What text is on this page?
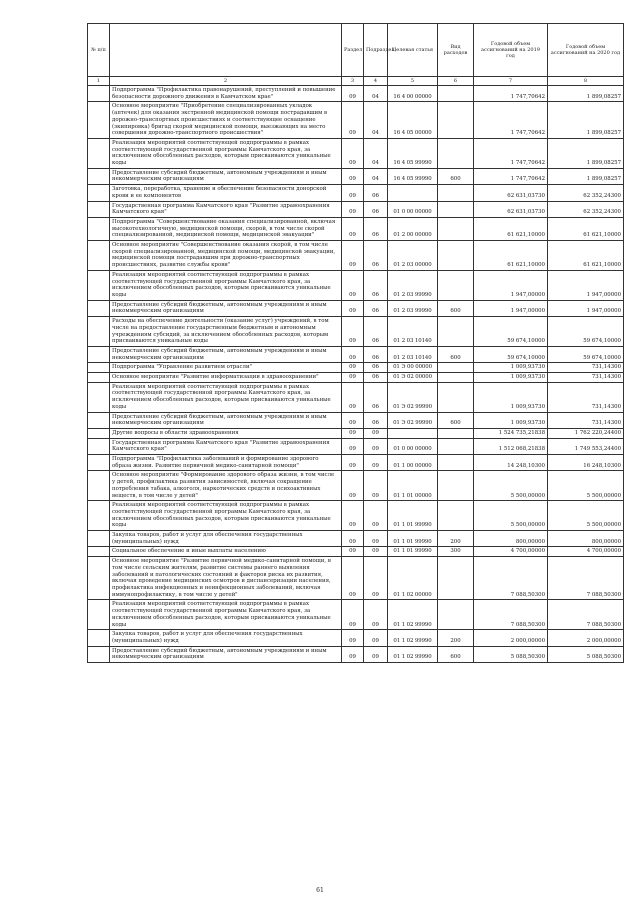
№ п/п		Раздел	Подраздел	Целевая статья	Вид расходов	Годовой объем ассигнований на 2019 год	Годовой объем ассигнований на 2020 год
1	2	3	4	5	6	7	8
	Подпрограмма "Профилактика правонарушений, преступлений и повышение безопасности дорожного движения в Камчатском крае"	09	04	16 4 00 00000		1 747,70642	1 899,08257
	Основное мероприятие "Приобретение специализированных укладок (аптечек) для оказания экстренной медицинской помощи пострадавшим в дорожно-транспортных происшествиях и соответствующее оснащение (экипировка) бригад скорой медицинской помощи, выезжающих на место совершения дорожно-транспортного происшествия"	09	04	16 4 05 00000		1 747,70642	1 899,08257
	Реализация мероприятий соответствующей подпрограммы в рамках соответствующей государственной программы Камчатского края, за исключением обособленных расходов, которым присваиваются уникальные коды	09	04	16 4 05 99990		1 747,70642	1 899,08257
	Предоставление субсидий бюджетным, автономным учреждениям и иным некоммерческим организациям	09	04	16 4 05 99990	600	1 747,70642	1 899,08257
	Заготовка, переработка, хранение и обеспечение безопасности донорской крови и ее компонентов	09	06			62 631,03730	62 352,24300
	Государственная программа Камчатского края "Развитие здравоохранения Камчатского края"	09	06	01 0 00 00000		62 631,03730	62 352,24300
	Подпрограмма "Совершенствование оказания специализированной, включая высокотехнологичную, медицинской помощи, скорой, в том числе скорой специализированной, медицинской помощи, медицинской эвакуации"	09	06	01 2 00 00000		61 621,10000	61 621,10000
	Основное мероприятие "Совершенствование оказания скорой, в том числе скорой специализированной, медицинской помощи, медицинской эвакуации, медицинской помощи пострадавшим при дорожно-транспортных происшествиях, развитие службы крови"	09	06	01 2 03 00000		61 621,10000	61 621,10000
	Реализация мероприятий соответствующей подпрограммы в рамках соответствующей государственной программы Камчатского края, за исключением обособленных расходов, которым присваиваются уникальные коды	09	06	01 2 03 99990		1 947,00000	1 947,00000
	Предоставление субсидий бюджетным, автономным учреждениям и иным некоммерческим организациям	09	06	01 2 03 99990	600	1 947,00000	1 947,00000
	Расходы на обеспечение деятельности (оказание услуг) учреждений, в том числе на предоставление государственным бюджетным и автономным учреждениям субсидий, за исключением обособленных расходов, которым присваиваются уникальные коды	09	06	01 2 03 10140		59 674,10000	59 674,10000
	Предоставление субсидий бюджетным, автономным учреждениям и иным некоммерческим организациям	09	06	01 2 03 10140	600	59 674,10000	59 674,10000
	Подпрограмма "Управление развитием отрасли"	09	06	01 Э 00 00000		1 009,93730	731,14300
	Основное мероприятие "Развитие информатизации в здравоохранении"	09	06	01 Э 02 00000		1 009,93730	731,14300
	Реализация мероприятий соответствующей подпрограммы в рамках соответствующей государственной программы Камчатского края, за исключением обособленных расходов, которым присваиваются уникальные коды	09	06	01 Э 02 99990		1 009,93730	731,14300
	Предоставление субсидий бюджетным, автономным учреждениям и иным некоммерческим организациям	09	06	01 Э 02 99990	600	1 009,93730	731,14300
	Другие вопросы в области здравоохранения	09	09			1 524 735,21838	1 762 220,24400
	Государственная программа Камчатского края "Развитие здравоохранения Камчатского края"	09	09	01 0 00 00000		1 512 068,21838	1 749 553,24400
	Подпрограмма "Профилактика заболеваний и формирование здорового образа жизни. Развитие первичной медико-санитарной помощи"	09	09	01 1 00 00000		14 248,10300	16 248,10300
	Основное мероприятие "Формирование здорового образа жизни, в том числе у детей, профилактика развития зависимостей, включая сокращение потребления табака, алкоголя, наркотических средств и психоактивных веществ, в том числе у детей"	09	09	01 1 01 00000		5 500,00000	5 500,00000
	Реализация мероприятий соответствующей подпрограммы в рамках соответствующей государственной программы Камчатского края, за исключением обособленных расходов, которым присваиваются уникальные коды	09	09	01 1 01 99990		5 500,00000	5 500,00000
	Закупка товаров, работ и услуг для обеспечения государственных (муниципальных) нужд	09	09	01 1 01 99990	200	800,00000	800,00000
	Социальное обеспечение и иные выплаты населению	09	09	01 1 01 99990	300	4 700,00000	4 700,00000
	Основное мероприятие "Развитие первичной медико-санитарной помощи, в том числе сельским жителям, развитие системы раннего выявления заболеваний и патологических состояний и факторов риска их развития, включая проведение медицинских осмотров и диспансеризации населения, профилактика инфекционных и неинфекционных заболеваний, включая иммунопрофилактику, в том числе у детей"	09	09	01 1 02 00000		7 088,50300	7 088,50300
	Реализация мероприятий соответствующей подпрограммы в рамках соответствующей государственной программы Камчатского края, за исключением обособленных расходов, которым присваиваются уникальные коды	09	09	01 1 02 99990		7 088,50300	7 088,50300
	Закупка товаров, работ и услуг для обеспечения государственных (муниципальных) нужд	09	09	01 1 02 99990	200	2 000,00000	2 000,00000
	Предоставление субсидий бюджетным, автономным учреждениям и иным некоммерческим организациям	09	09	01 1 02 99990	600	5 088,50300	5 088,50300
61
